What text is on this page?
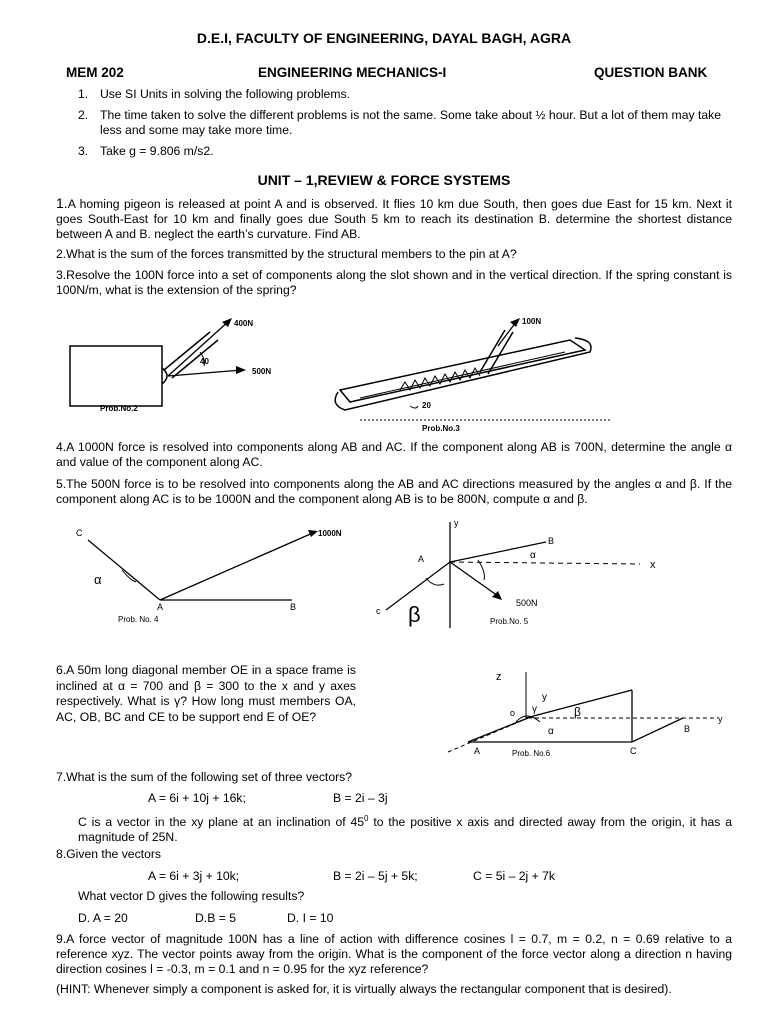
D.E.I, FACULTY OF ENGINEERING, DAYAL BAGH, AGRA
MEM 202	ENGINEERING MECHANICS-I	QUESTION BANK
1. Use SI Units in solving the following problems.
2. The time taken to solve the different problems is not the same. Some take about ½ hour. But a lot of them may take less and some may take more time.
3. Take g = 9.806 m/s2.
UNIT – 1,REVIEW & FORCE SYSTEMS
1.A homing pigeon is released at point A and is observed. It flies 10 km due South, then goes due East for 15 km. Next it goes South-East for 10 km and finally goes due South 5 km to reach its destination B. determine the shortest distance between A and B. neglect the earth’s curvature. Find AB.
2.What is the sum of the forces transmitted by the structural members to the pin at A?
3.Resolve the 100N force into a set of components along the slot shown and in the vertical direction. If the spring constant is 100N/m, what is the extension of the spring?
400N
500N
40
Prob.No.2
100N
20
Prob.No.3
4.A 1000N force is resolved into components along AB and AC. If the component along AB is 700N, determine the angle α and value of the component along AC.
5.The 500N force is to be resolved into components along the AB and AC directions measured by the angles α and β. If the component along AC is to be 1000N and the component along AB is to be 800N, compute α and β.
C
A	B
α
1000N
Prob. No. 4
y
x
A
B
c
α
β	500N
Prob.No. 5
6.A 50m long diagonal member OE in a space frame is inclined at α = 700 and β = 300 to the x and y axes respectively. What is γ? How long must members OA, AC, OB, BC and CE to be support end E of OE?
z
y
y
o
A
B
C
γ	β
α
Prob. No.6
7.What is the sum of the following set of three vectors?
A = 6i + 10j + 16k;	B = 2i – 3j
C is a vector in the xy plane at an inclination of $45^0$ to the positive x axis and directed away from the origin, it has a magnitude of 25N.
8.Given the vectors
A = 6i + 3j + 10k;	B = 2i – 5j + 5k;	C = 5i – 2j + 7k
What vector D gives the following results?
D. A = 20	D.B = 5	D. I = 10
9.A force vector of magnitude 100N has a line of action with difference cosines l = 0.7, m = 0.2, n = 0.69 relative to a reference xyz. The vector points away from the origin. What is the component of the force vector along a direction n having direction cosines l = -0.3, m = 0.1 and n = 0.95 for the xyz reference?
(HINT: Whenever simply a component is asked for, it is virtually always the rectangular component that is desired).
